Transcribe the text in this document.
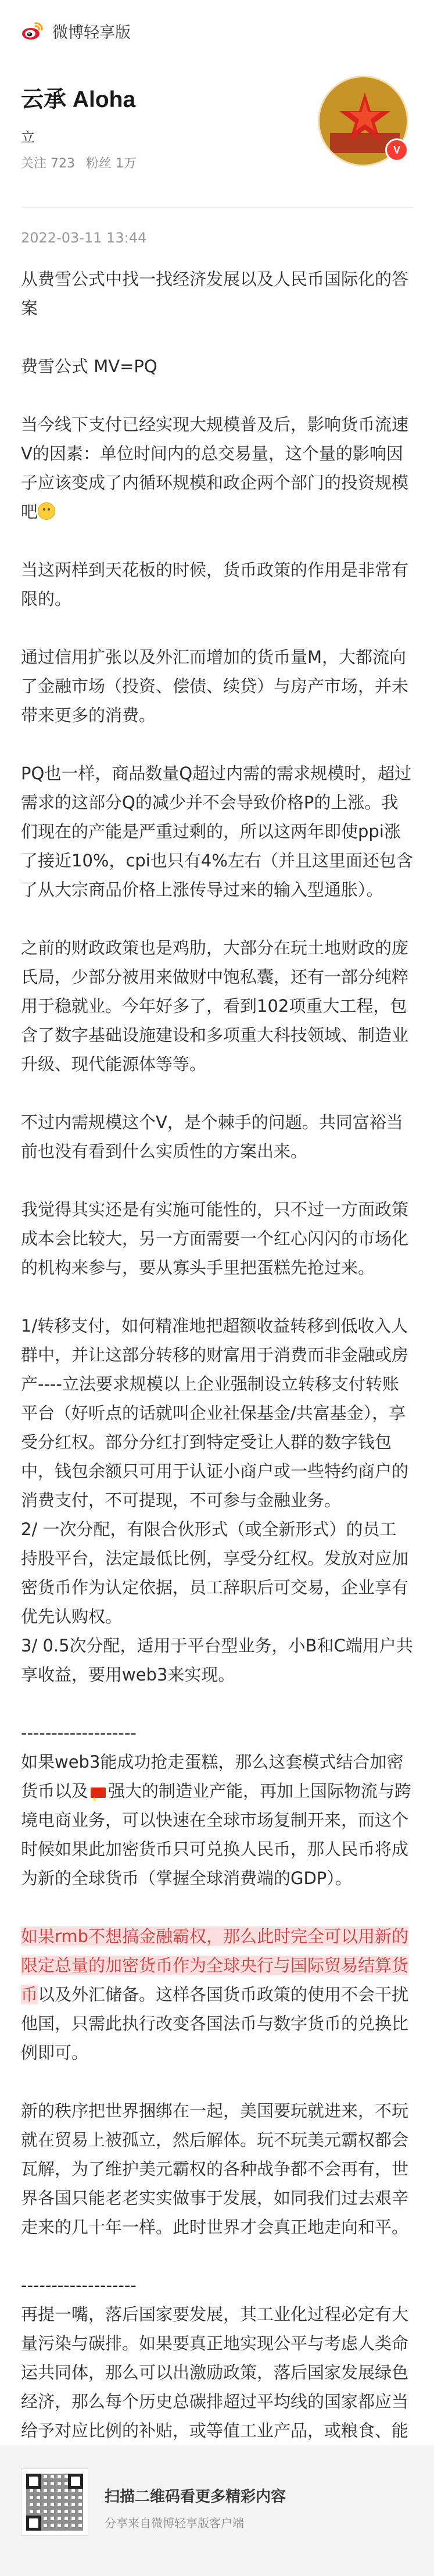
微博轻享版
云承 Aloha
立
关注 723 粉丝 1万
V
2022-03-11 13:44

从费雪公式中找一找经济发展以及人民币国际化的答案

费雪公式 MV=PQ

当今线下支付已经实现大规模普及后，影响货币流速V的因素：单位时间内的总交易量，这个量的影响因子应该变成了内循环规模和政企两个部门的投资规模吧

当这两样到天花板的时候，货币政策的作用是非常有限的。

通过信用扩张以及外汇而增加的货币量M，大都流向了金融市场（投资、偿债、续贷）与房产市场，并未带来更多的消费。

PQ也一样，商品数量Q超过内需的需求规模时，超过需求的这部分Q的减少并不会导致价格P的上涨。我们现在的产能是严重过剩的，所以这两年即使ppi涨了接近10%，cpi也只有4%左右（并且这里面还包含了从大宗商品价格上涨传导过来的输入型通胀）。

之前的财政政策也是鸡肋，大部分在玩土地财政的庞氏局，少部分被用来做财中饱私囊，还有一部分纯粹用于稳就业。今年好多了，看到102项重大工程，包含了数字基础设施建设和多项重大科技领域、制造业升级、现代能源体等等。

不过内需规模这个V，是个棘手的问题。共同富裕当前也没有看到什么实质性的方案出来。

我觉得其实还是有实施可能性的，只不过一方面政策成本会比较大，另一方面需要一个红心闪闪的市场化的机构来参与，要从寡头手里把蛋糕先抢过来。

1/转移支付，如何精准地把超额收益转移到低收入人群中，并让这部分转移的财富用于消费而非金融或房产----立法要求规模以上企业强制设立转移支付转账平台（好听点的话就叫企业社保基金/共富基金），享受分红权。部分分红打到特定受让人群的数字钱包中，钱包余额只可用于认证小商户或一些特约商户的消费支付，不可提现，不可参与金融业务。
2/ 一次分配，有限合伙形式（或全新形式）的员工持股平台，法定最低比例，享受分红权。发放对应加密货币作为认定依据，员工辞职后可交易，企业享有优先认购权。
3/ 0.5次分配，适用于平台型业务，小B和C端用户共享收益，要用web3来实现。

-------------------

如果web3能成功抢走蛋糕，那么这套模式结合加密货币以及 ★ 强大的制造业产能，再加上国际物流与跨境电商业务，可以快速在全球市场复制开来，而这个时候如果此加密货币只可兑换人民币，那人民币将成为新的全球货币（掌握全球消费端的GDP）。

如果rmb不想搞金融霸权，那么此时完全可以用新的限定总量的加密货币作为全球央行与国际贸易结算货币以及外汇储备。这样各国货币政策的使用不会干扰他国，只需此执行改变各国法币与数字货币的兑换比例即可。

新的秩序把世界捆绑在一起，美国要玩就进来，不玩就在贸易上被孤立，然后解体。玩不玩美元霸权都会瓦解，为了维护美元霸权的各种战争都不会再有，世界各国只能老老实实做事于发展，如同我们过去艰辛走来的几十年一样。此时世界才会真正地走向和平。

-------------------

再提一嘴，落后国家要发展，其工业化过程必定有大量污染与碳排。如果要真正地实现公平与考虑人类命运共同体，那么可以出激励政策，落后国家发展绿色经济，那么每个历史总碳排超过平均线的国家都应当给予对应比例的补贴，或等值工业产品，或粮食、能

扫描二维码看更多精彩内容
分享来自微博轻享版客户端
